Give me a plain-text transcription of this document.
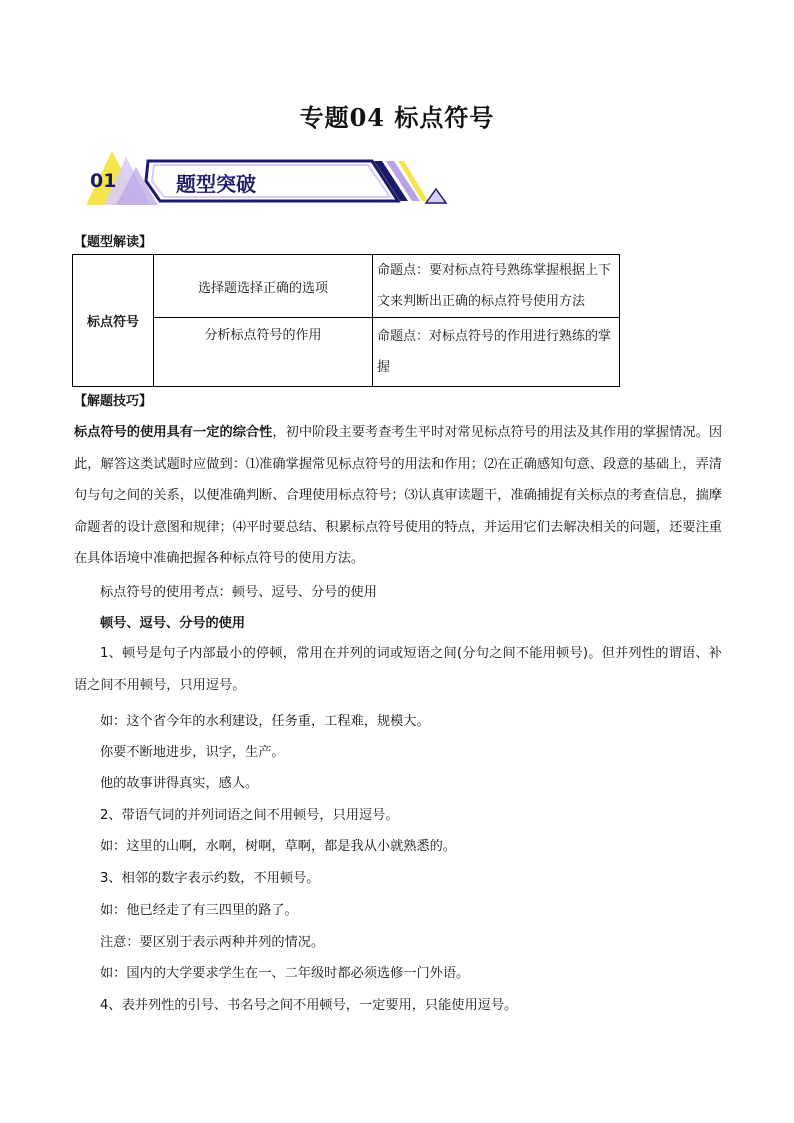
专题04 标点符号
01	题型突破
【题型解读】
标点符号	选择题选择正确的选项	命题点：要对标点符号熟练掌握根据上下文来判断出正确的标点符号使用方法
	分析标点符号的作用	命题点：对标点符号的作用进行熟练的掌握
【解题技巧】
标点符号的使用具有一定的综合性，初中阶段主要考查考生平时对常见标点符号的用法及其作用的掌握情况。因此，解答这类试题时应做到：⑴准确掌握常见标点符号的用法和作用；⑵在正确感知句意、段意的基础上，弄清句与句之间的关系，以便准确判断、合理使用标点符号；⑶认真审读题干，准确捕捉有关标点的考查信息，揣摩命题者的设计意图和规律；⑷平时要总结、积累标点符号使用的特点，并运用它们去解决相关的问题，还要注重在具体语境中准确把握各种标点符号的使用方法。
标点符号的使用考点：顿号、逗号、分号的使用
顿号、逗号、分号的使用
1、顿号是句子内部最小的停顿，常用在并列的词或短语之间(分句之间不能用顿号)。但并列性的谓语、补语之间不用顿号，只用逗号。
如：这个省今年的水利建设，任务重，工程难，规模大。
你要不断地进步，识字，生产。
他的故事讲得真实，感人。
2、带语气词的并列词语之间不用顿号，只用逗号。
如：这里的山啊，水啊，树啊，草啊，都是我从小就熟悉的。
3、相邻的数字表示约数，不用顿号。
如：他已经走了有三四里的路了。
注意：要区别于表示两种并列的情况。
如：国内的大学要求学生在一、二年级时都必须选修一门外语。
4、表并列性的引号、书名号之间不用顿号，一定要用，只能使用逗号。
